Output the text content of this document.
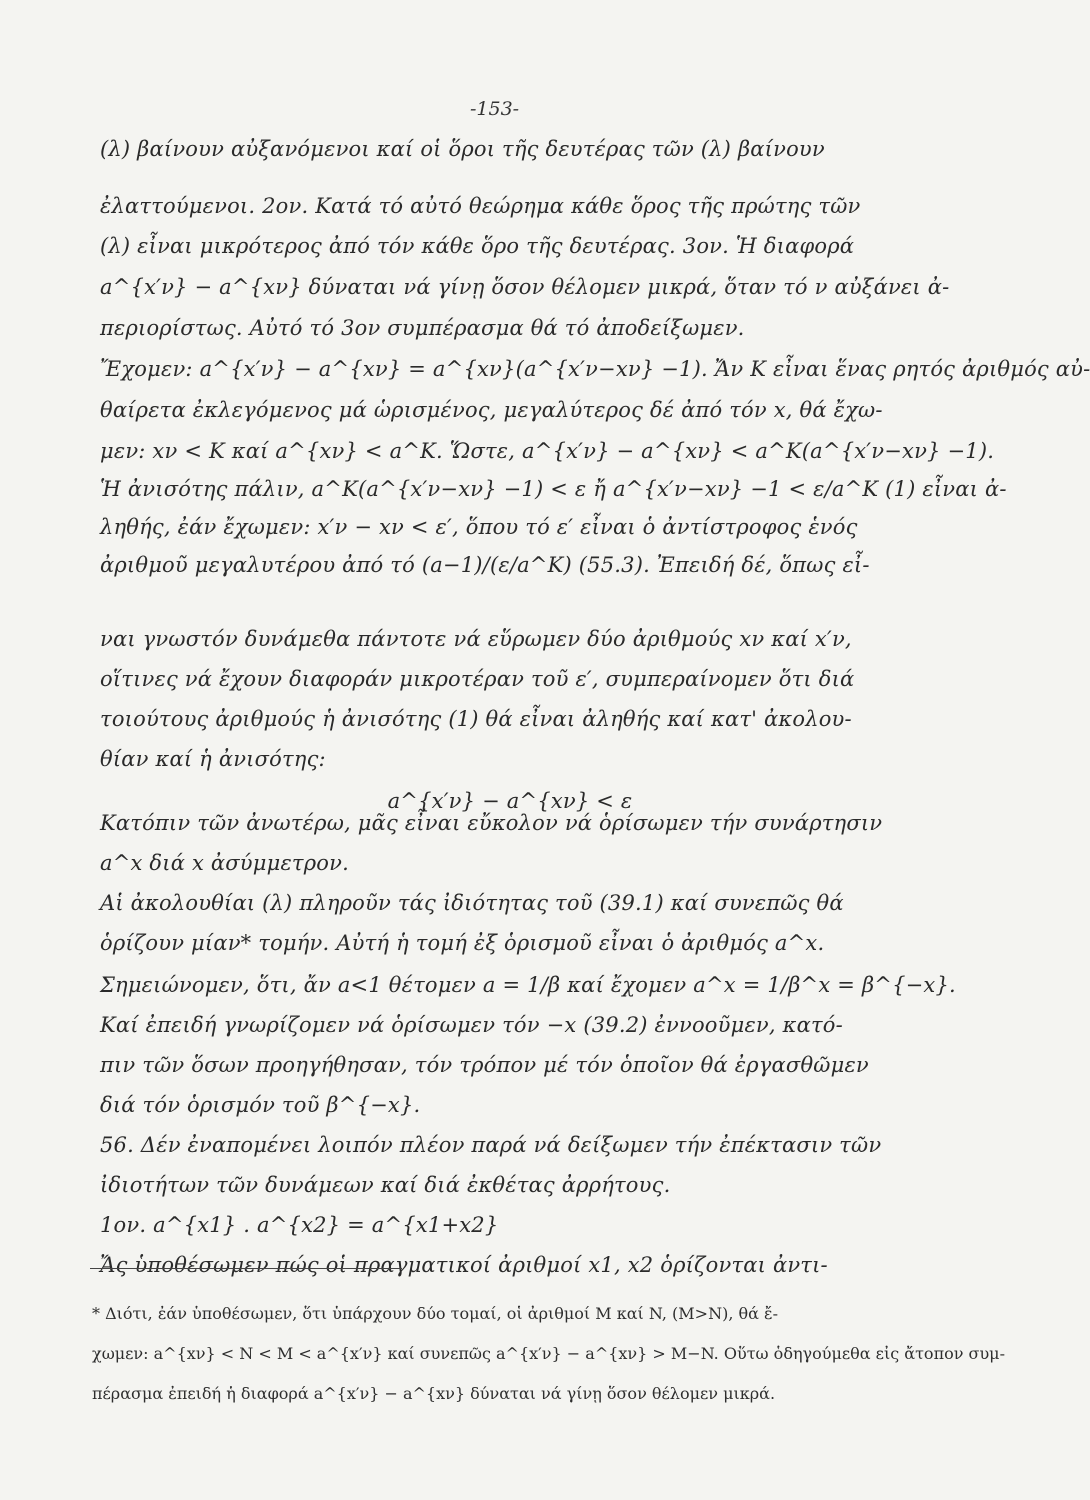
-153-
(λ) βαίνουν αὐξανόμενοι καί οἱ ὅροι τῆς δευτέρας τῶν (λ) βαίνουν
ἐλαττούμενοι. 2ον. Κατά τό αὐτό θεώρημα κάθε ὅρος τῆς πρώτης τῶν
(λ) εἶναι μικρότερος ἀπό τόν κάθε ὅρο τῆς δευτέρας. 3ον. Ἡ διαφορά
a^{x′ν} − a^{xν} δύναται νά γίνῃ ὅσον θέλομεν μικρά, ὅταν τό ν αὐξάνει ἀ-
περιορίστως. Αὐτό τό 3ον συμπέρασμα θά τό ἀποδείξωμεν.
Ἔχομεν: a^{x′ν} − a^{xν} = a^{xν}(a^{x′ν−xν} −1). Ἄν K εἶναι ἕνας ρητός ἀριθμός αὐ-
θαίρετα ἐκλεγόμενος μά ὡρισμένος, μεγαλύτερος δέ ἀπό τόν x, θά ἔχω-
μεν: xν < K καί a^{xν} < a^K. Ὥστε, a^{x′ν} − a^{xν} < a^K(a^{x′ν−xν} −1).
Ἡ ἀνισότης πάλιν, a^K(a^{x′ν−xν} −1) < ε ἤ a^{x′ν−xν} −1 < ε/a^K (1) εἶναι ἀ-
ληθής, ἐάν ἔχωμεν: x′ν − xν < ε′, ὅπου τό ε′ εἶναι ὁ ἀντίστροφος ἑνός
ἀριθμοῦ μεγαλυτέρου ἀπό τό (a−1)/(ε/a^K) (55.3). Ἐπειδή δέ, ὅπως εἶ-
ναι γνωστόν δυνάμεθα πάντοτε νά εὕρωμεν δύο ἀριθμούς xν καί x′ν,
οἵτινες νά ἔχουν διαφοράν μικροτέραν τοῦ ε′, συμπεραίνομεν ὅτι διά
τοιούτους ἀριθμούς ἡ ἀνισότης (1) θά εἶναι ἀληθής καί κατ' ἀκολου-
θίαν καί ἡ ἀνισότης:
a^{x′ν} − a^{xν} < ε
Κατόπιν τῶν ἀνωτέρω, μᾶς εἶναι εὔκολον νά ὁρίσωμεν τήν συνάρτησιν
a^x διά x ἀσύμμετρον.
Αἱ ἀκολουθίαι (λ) πληροῦν τάς ἰδιότητας τοῦ (39.1) καί συνεπῶς θά
ὁρίζουν μίαν* τομήν. Αὐτή ἡ τομή ἐξ ὁρισμοῦ εἶναι ὁ ἀριθμός a^x.
Σημειώνομεν, ὅτι, ἄν a<1 θέτομεν a = 1/β καί ἔχομεν a^x = 1/β^x = β^{−x}.
Καί ἐπειδή γνωρίζομεν νά ὁρίσωμεν τόν −x (39.2) ἐννοοῦμεν, κατό-
πιν τῶν ὅσων προηγήθησαν, τόν τρόπον μέ τόν ὁποῖον θά ἐργασθῶμεν
διά τόν ὁρισμόν τοῦ β^{−x}.
56. Δέν ἐναπομένει λοιπόν πλέον παρά νά δείξωμεν τήν ἐπέκτασιν τῶν
ἰδιοτήτων τῶν δυνάμεων καί διά ἐκθέτας ἀρρήτους.
1ον. a^{x1} . a^{x2} = a^{x1+x2}
Ἄς ὑποθέσωμεν πώς οἱ πραγματικοί ἀριθμοί x1, x2 ὁρίζονται ἀντι-
* Διότι, ἐάν ὑποθέσωμεν, ὅτι ὑπάρχουν δύο τομαί, οἱ ἀριθμοί M καί N, (M>N), θά ἔ-
χωμεν: a^{xν} < N < M < a^{x′ν} καί συνεπῶς a^{x′ν} − a^{xν} > M−N. Οὕτω ὁδηγούμεθα εἰς ἄτοπον συμ-
πέρασμα ἐπειδή ἡ διαφορά a^{x′ν} − a^{xν} δύναται νά γίνῃ ὅσον θέλομεν μικρά.
